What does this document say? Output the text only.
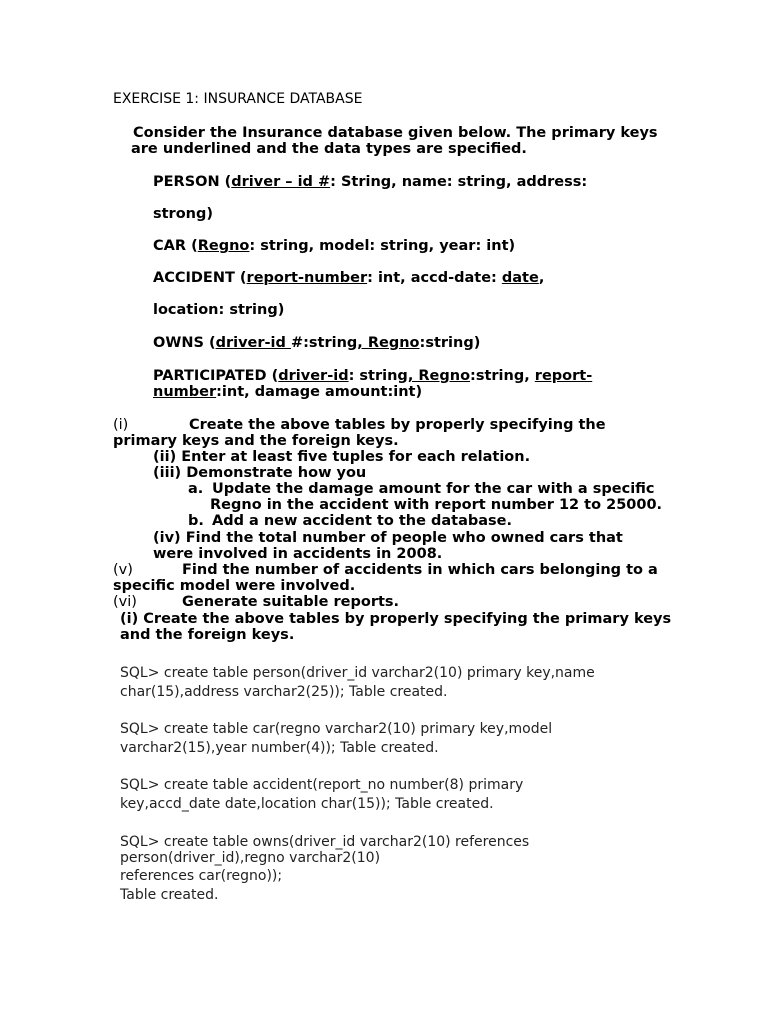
EXERCISE 1: INSURANCE DATABASE
Consider the Insurance database given below. The primary keys
are underlined and the data types are specified.
PERSON (driver – id #: String, name: string, address:
strong)
CAR (Regno: string, model: string, year: int)
ACCIDENT (report-number: int, accd-date: date,
location: string)
OWNS (driver-id #:string, Regno:string)
PARTICIPATED (driver-id: string, Regno:string, report-
number:int, damage amount:int)
(i)	Create the above tables by properly specifying the
primary keys and the foreign keys.
(ii) Enter at least five tuples for each relation.
(iii) Demonstrate how you
a. Update the damage amount for the car with a specific
Regno in the accident with report number 12 to 25000.
b. Add a new accident to the database.
(iv) Find the total number of people who owned cars that
were involved in accidents in 2008.
(v)	Find the number of accidents in which cars belonging to a
specific model were involved.
(vi)	Generate suitable reports.
(i) Create the above tables by properly specifying the primary keys
and the foreign keys.
SQL> create table person(driver_id varchar2(10) primary key,name
char(15),address varchar2(25)); Table created.
SQL> create table car(regno varchar2(10) primary key,model
varchar2(15),year number(4)); Table created.
SQL> create table accident(report_no number(8) primary
key,accd_date date,location char(15)); Table created.
SQL> create table owns(driver_id varchar2(10) references
person(driver_id),regno varchar2(10)
references car(regno));
Table created.
